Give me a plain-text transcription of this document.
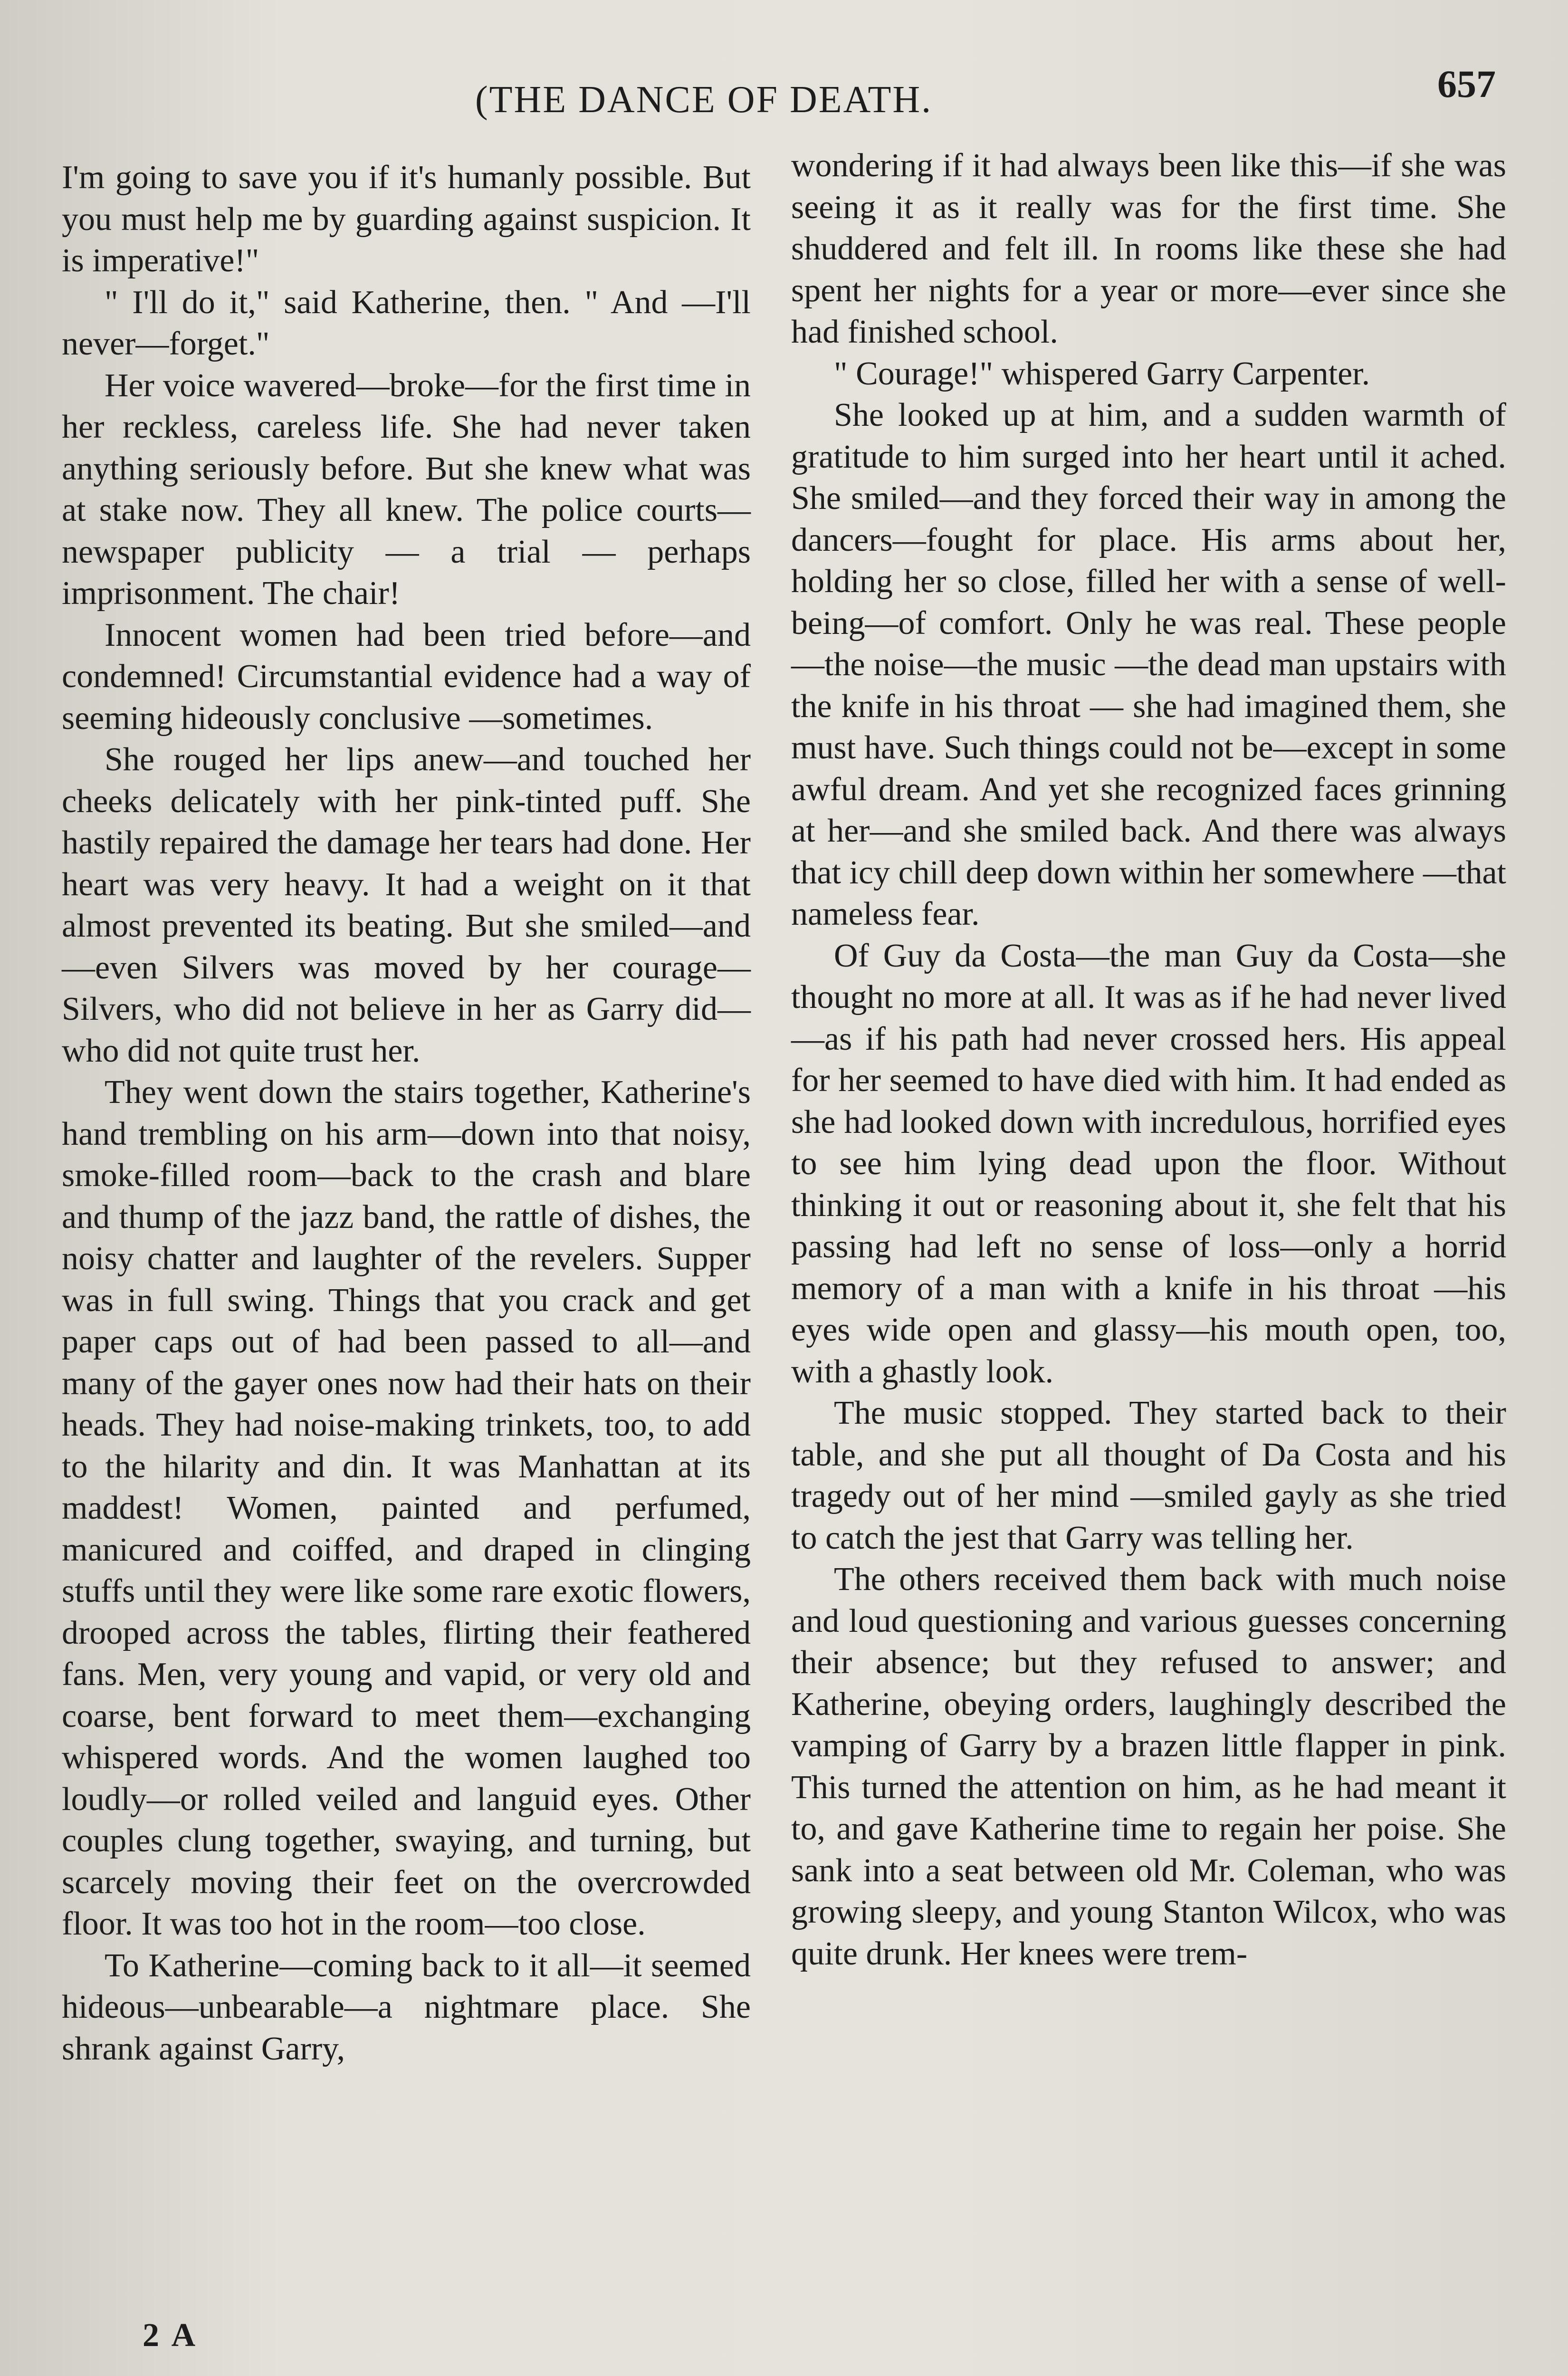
(THE DANCE OF DEATH.	657

I'm going to save you if it's humanly possible. But you must help me by guarding against suspicion. It is imperative!"

" I'll do it," said Katherine, then. " And —I'll never—forget."

Her voice wavered—broke—for the first time in her reckless, careless life. She had never taken anything seriously before. But she knew what was at stake now. They all knew. The police courts—newspaper publicity — a trial — perhaps imprisonment. The chair!

Innocent women had been tried before—and condemned! Circumstantial evidence had a way of seeming hideously conclusive —sometimes.

She rouged her lips anew—and touched her cheeks delicately with her pink-tinted puff. She hastily repaired the damage her tears had done. Her heart was very heavy. It had a weight on it that almost prevented its beating. But she smiled—and—even Silvers was moved by her courage—Silvers, who did not believe in her as Garry did—who did not quite trust her.

They went down the stairs together, Katherine's hand trembling on his arm—down into that noisy, smoke-filled room—back to the crash and blare and thump of the jazz band, the rattle of dishes, the noisy chatter and laughter of the revelers. Supper was in full swing. Things that you crack and get paper caps out of had been passed to all—and many of the gayer ones now had their hats on their heads. They had noise-making trinkets, too, to add to the hilarity and din. It was Manhattan at its maddest! Women, painted and perfumed, manicured and coiffed, and draped in clinging stuffs until they were like some rare exotic flowers, drooped across the tables, flirting their feathered fans. Men, very young and vapid, or very old and coarse, bent forward to meet them—exchanging whispered words. And the women laughed too loudly—or rolled veiled and languid eyes. Other couples clung together, swaying, and turning, but scarcely moving their feet on the overcrowded floor. It was too hot in the room—too close.

To Katherine—coming back to it all—it seemed hideous—unbearable—a nightmare place. She shrank against Garry,

2 A

wondering if it had always been like this—if she was seeing it as it really was for the first time. She shuddered and felt ill. In rooms like these she had spent her nights for a year or more—ever since she had finished school.

" Courage!" whispered Garry Carpenter.

She looked up at him, and a sudden warmth of gratitude to him surged into her heart until it ached. She smiled—and they forced their way in among the dancers—fought for place. His arms about her, holding her so close, filled her with a sense of well-being—of comfort. Only he was real. These people—the noise—the music —the dead man upstairs with the knife in his throat — she had imagined them, she must have. Such things could not be—except in some awful dream. And yet she recognized faces grinning at her—and she smiled back. And there was always that icy chill deep down within her somewhere —that nameless fear.

Of Guy da Costa—the man Guy da Costa—she thought no more at all. It was as if he had never lived—as if his path had never crossed hers. His appeal for her seemed to have died with him. It had ended as she had looked down with incredulous, horrified eyes to see him lying dead upon the floor. Without thinking it out or reasoning about it, she felt that his passing had left no sense of loss—only a horrid memory of a man with a knife in his throat —his eyes wide open and glassy—his mouth open, too, with a ghastly look.

The music stopped. They started back to their table, and she put all thought of Da Costa and his tragedy out of her mind —smiled gayly as she tried to catch the jest that Garry was telling her.

The others received them back with much noise and loud questioning and various guesses concerning their absence; but they refused to answer; and Katherine, obeying orders, laughingly described the vamping of Garry by a brazen little flapper in pink. This turned the attention on him, as he had meant it to, and gave Katherine time to regain her poise. She sank into a seat between old Mr. Coleman, who was growing sleepy, and young Stanton Wilcox, who was quite drunk. Her knees were trem-
